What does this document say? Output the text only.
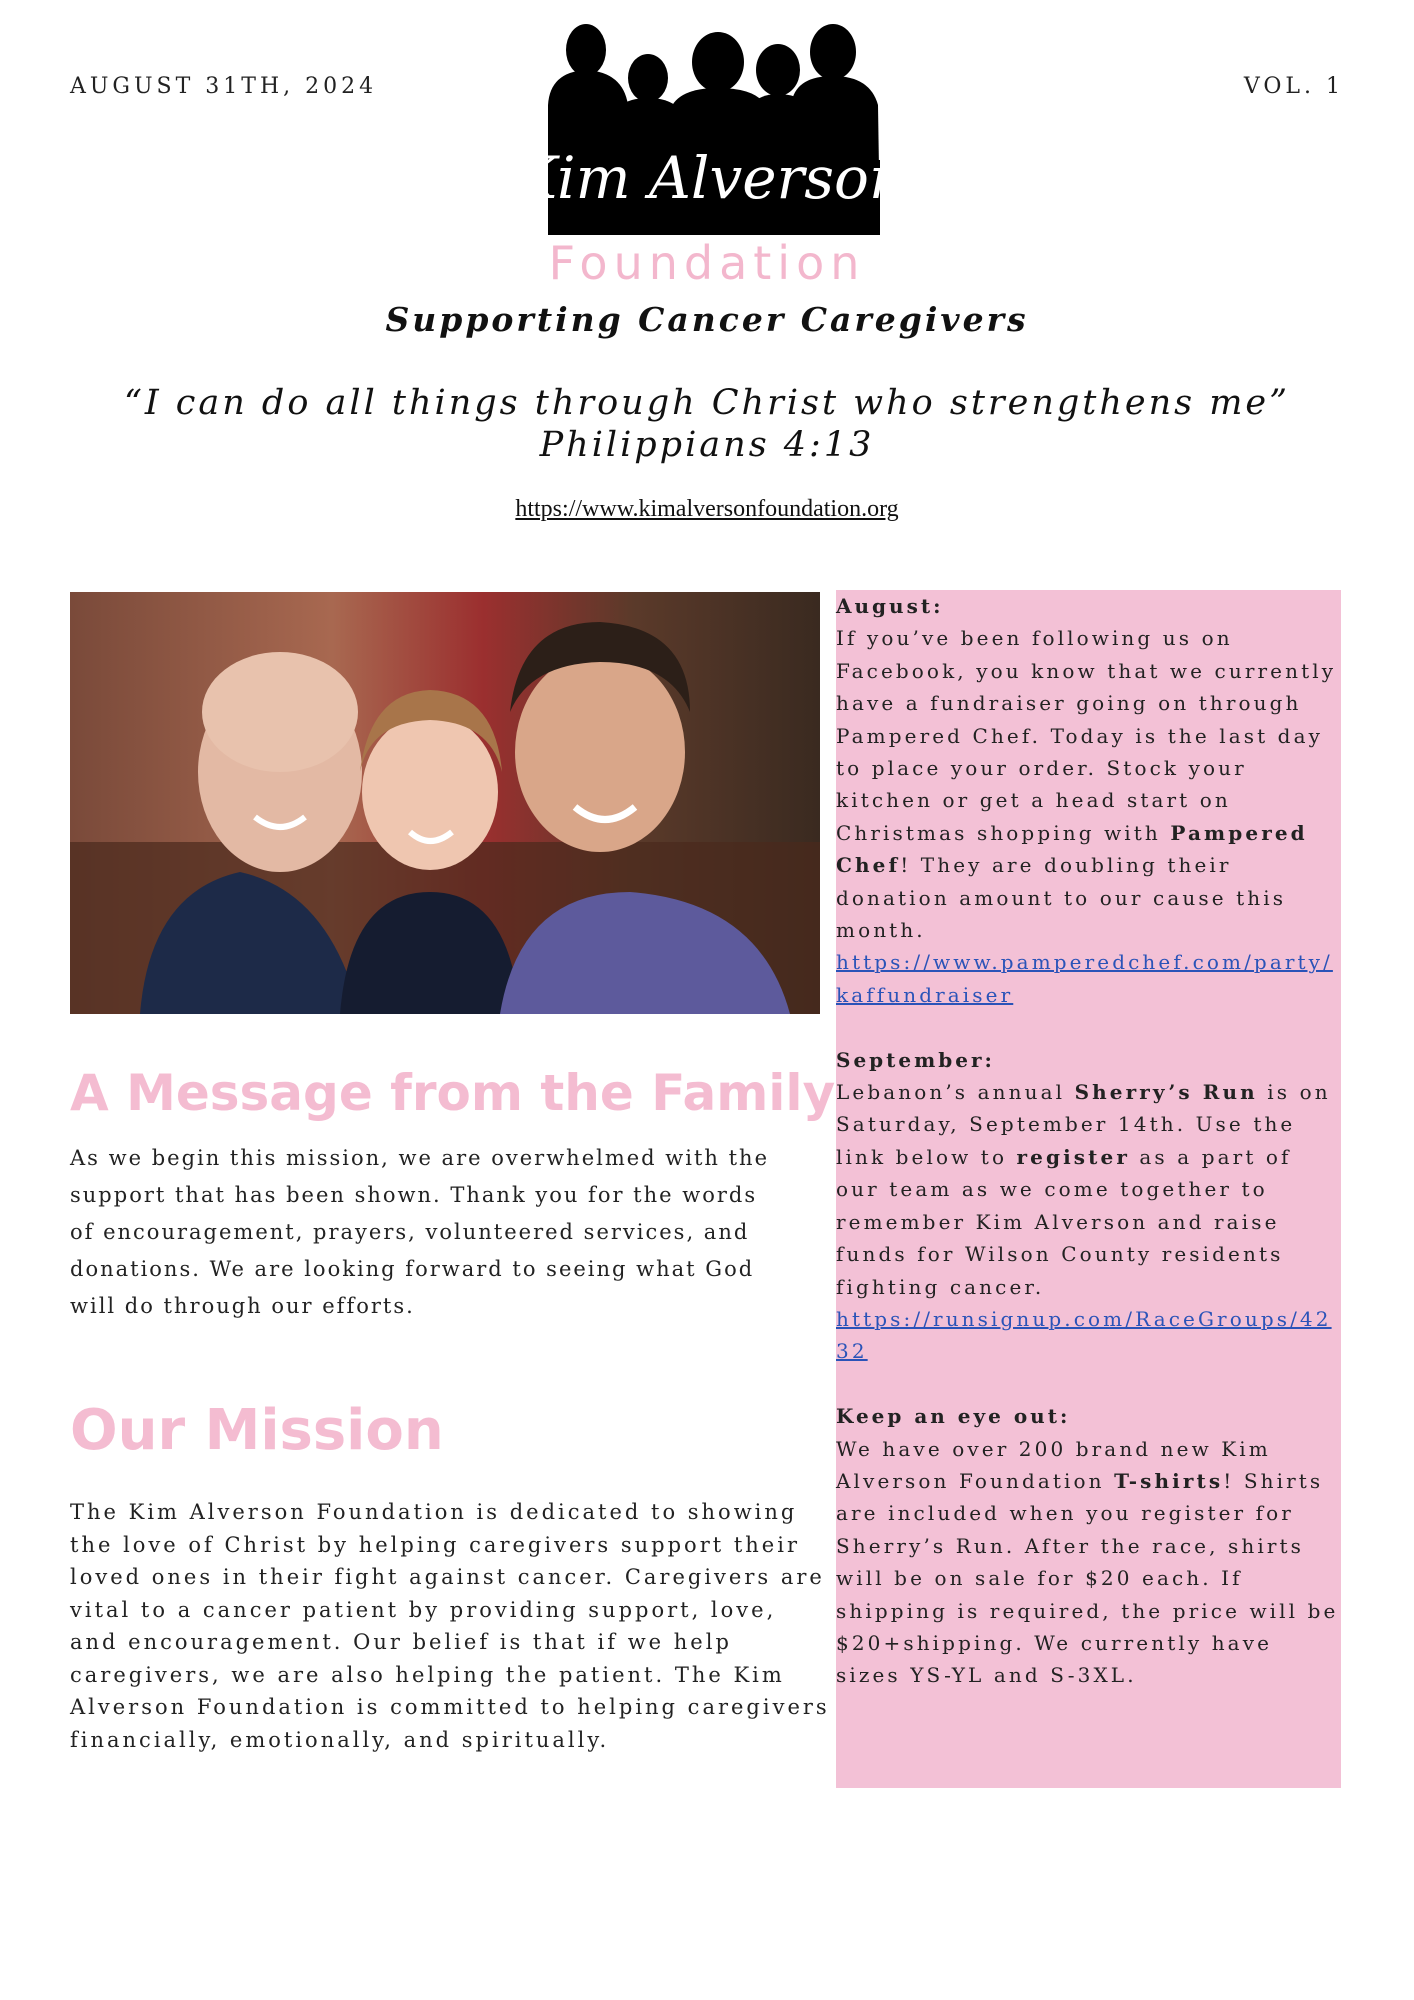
AUGUST 31TH, 2024	VOL. 1
Kim Alverson
Foundation
Supporting Cancer Caregivers
“I can do all things through Christ who strengthens me”
Philippians 4:13
https://www.kimalversonfoundation.org
A Message from the Family
As we begin this mission, we are overwhelmed with the support that has been shown. Thank you for the words of encouragement, prayers, volunteered services, and donations. We are looking forward to seeing what God will do through our efforts.
Our Mission
The Kim Alverson Foundation is dedicated to showing the love of Christ by helping caregivers support their loved ones in their fight against cancer. Caregivers are vital to a cancer patient by providing support, love, and encouragement. Our belief is that if we help caregivers, we are also helping the patient. The Kim Alverson Foundation is committed to helping caregivers financially, emotionally, and spiritually.

August:

If you’ve been following us on Facebook, you know that we currently have a fundraiser going on through Pampered Chef. Today is the last day to place your order. Stock your kitchen or get a head start on Christmas shopping with Pampered Chef! They are doubling their donation amount to our cause this month.

https://www.pamperedchef.com/party/kaffundraiser

September:

Lebanon’s annual Sherry’s Run is on Saturday, September 14th. Use the link below to register as a part of our team as we come together to remember Kim Alverson and raise funds for Wilson County residents fighting cancer.

https://runsignup.com/RaceGroups/4232

Keep an eye out:

We have over 200 brand new Kim Alverson Foundation T-shirts! Shirts are included when you register for Sherry’s Run. After the race, shirts will be on sale for $20 each. If shipping is required, the price will be $20+shipping. We currently have sizes YS-YL and S-3XL.
